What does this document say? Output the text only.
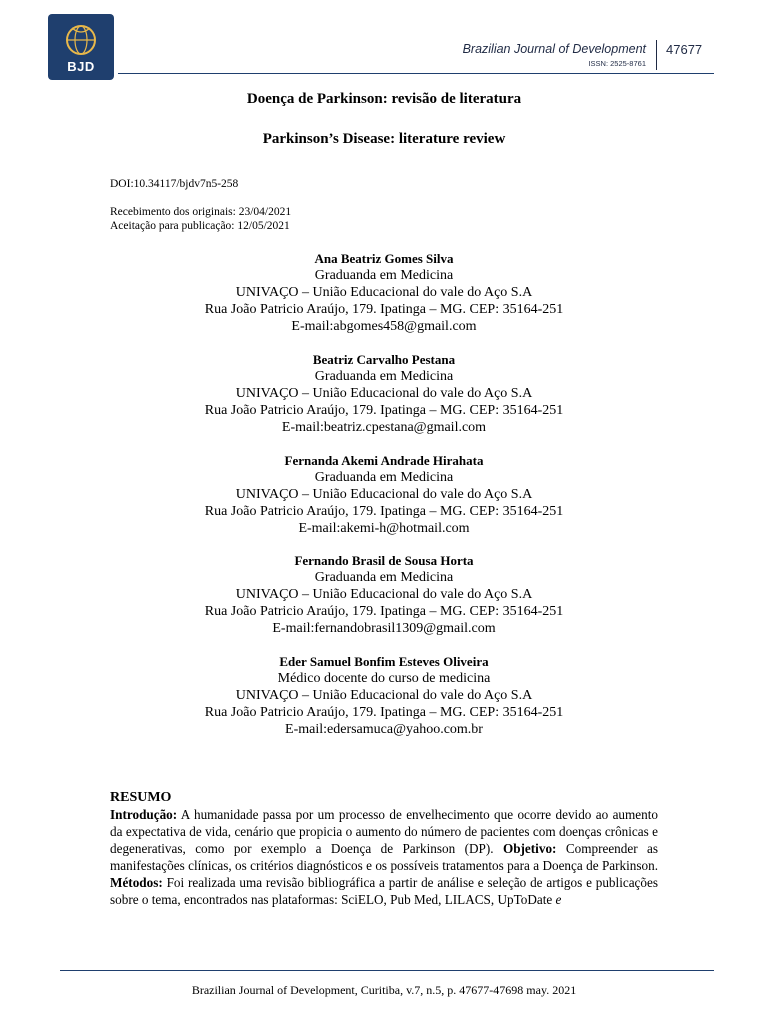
BJD
Brazilian Journal of Development
ISSN: 2525-8761
47677
Doença de Parkinson: revisão de literatura
Parkinson’s Disease: literature review
DOI:10.34117/bjdv7n5-258
Recebimento dos originais: 23/04/2021
Aceitação para publicação: 12/05/2021
Ana Beatriz Gomes Silva
Graduanda em Medicina
UNIVAÇO – União Educacional do vale do Aço S.A
Rua João Patricio Araújo, 179. Ipatinga – MG. CEP: 35164-251
E-mail:abgomes458@gmail.com
Beatriz Carvalho Pestana
Graduanda em Medicina
UNIVAÇO – União Educacional do vale do Aço S.A
Rua João Patricio Araújo, 179. Ipatinga – MG. CEP: 35164-251
E-mail:beatriz.cpestana@gmail.com
Fernanda Akemi Andrade Hirahata
Graduanda em Medicina
UNIVAÇO – União Educacional do vale do Aço S.A
Rua João Patricio Araújo, 179. Ipatinga – MG. CEP: 35164-251
E-mail:akemi-h@hotmail.com
Fernando Brasil de Sousa Horta
Graduanda em Medicina
UNIVAÇO – União Educacional do vale do Aço S.A
Rua João Patricio Araújo, 179. Ipatinga – MG. CEP: 35164-251
E-mail:fernandobrasil1309@gmail.com
Eder Samuel Bonfim Esteves Oliveira
Médico docente do curso de medicina
UNIVAÇO – União Educacional do vale do Aço S.A
Rua João Patricio Araújo, 179. Ipatinga – MG. CEP: 35164-251
E-mail:edersamuca@yahoo.com.br
RESUMO
Introdução: A humanidade passa por um processo de envelhecimento que ocorre devido ao aumento da expectativa de vida, cenário que propicia o aumento do número de pacientes com doenças crônicas e degenerativas, como por exemplo a Doença de Parkinson (DP). Objetivo: Compreender as manifestações clínicas, os critérios diagnósticos e os possíveis tratamentos para a Doença de Parkinson. Métodos: Foi realizada uma revisão bibliográfica a partir de análise e seleção de artigos e publicações sobre o tema, encontrados nas plataformas: SciELO, Pub Med, LILACS, UpToDate e
Brazilian Journal of Development, Curitiba, v.7, n.5, p. 47677-47698 may. 2021
